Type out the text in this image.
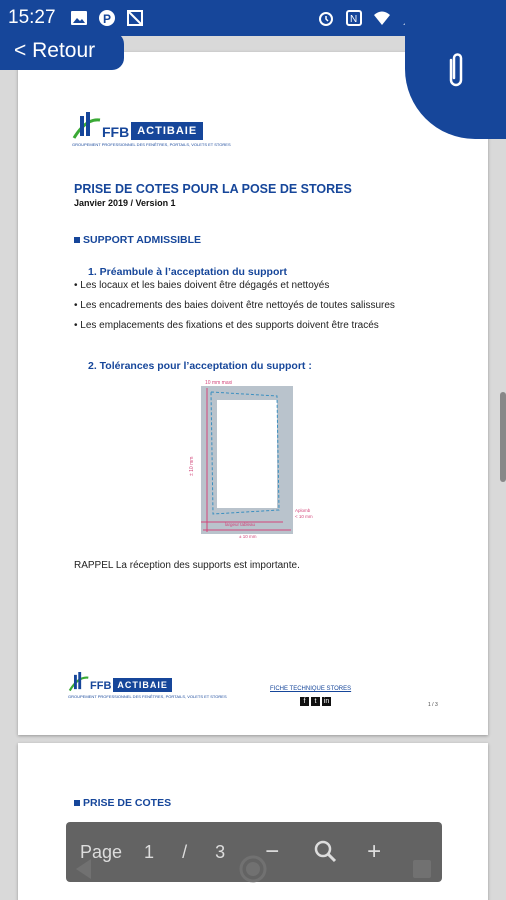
15:27	P	N
FFB ACTIBAIE
GROUPEMENT PROFESSIONNEL DES FENÊTRES, PORTAILS, VOLETS ET STORES
PRISE DE COTES POUR LA POSE DE STORES
Janvier 2019 / Version 1
SUPPORT ADMISSIBLE
1. Préambule à l’acceptation du support
• Les locaux et les baies doivent être dégagés et nettoyés
• Les encadrements des baies doivent être nettoyés de toutes salissures
• Les emplacements des fixations et des supports doivent être tracés
2. Tolérances pour l’acceptation du support :
10 mm maxi
± 10 mm
Aplomb
< 10 mm
largeur tableau
± 10 mm
RAPPEL La réception des supports est importante.
FFB ACTIBAIE
GROUPEMENT PROFESSIONNEL DES FENÊTRES, PORTAILS, VOLETS ET STORES
FICHE TECHNIQUE STORES
f	t	in	1 / 3
PRISE DE COTES
< Retour
Page 1 / 3 −	+
